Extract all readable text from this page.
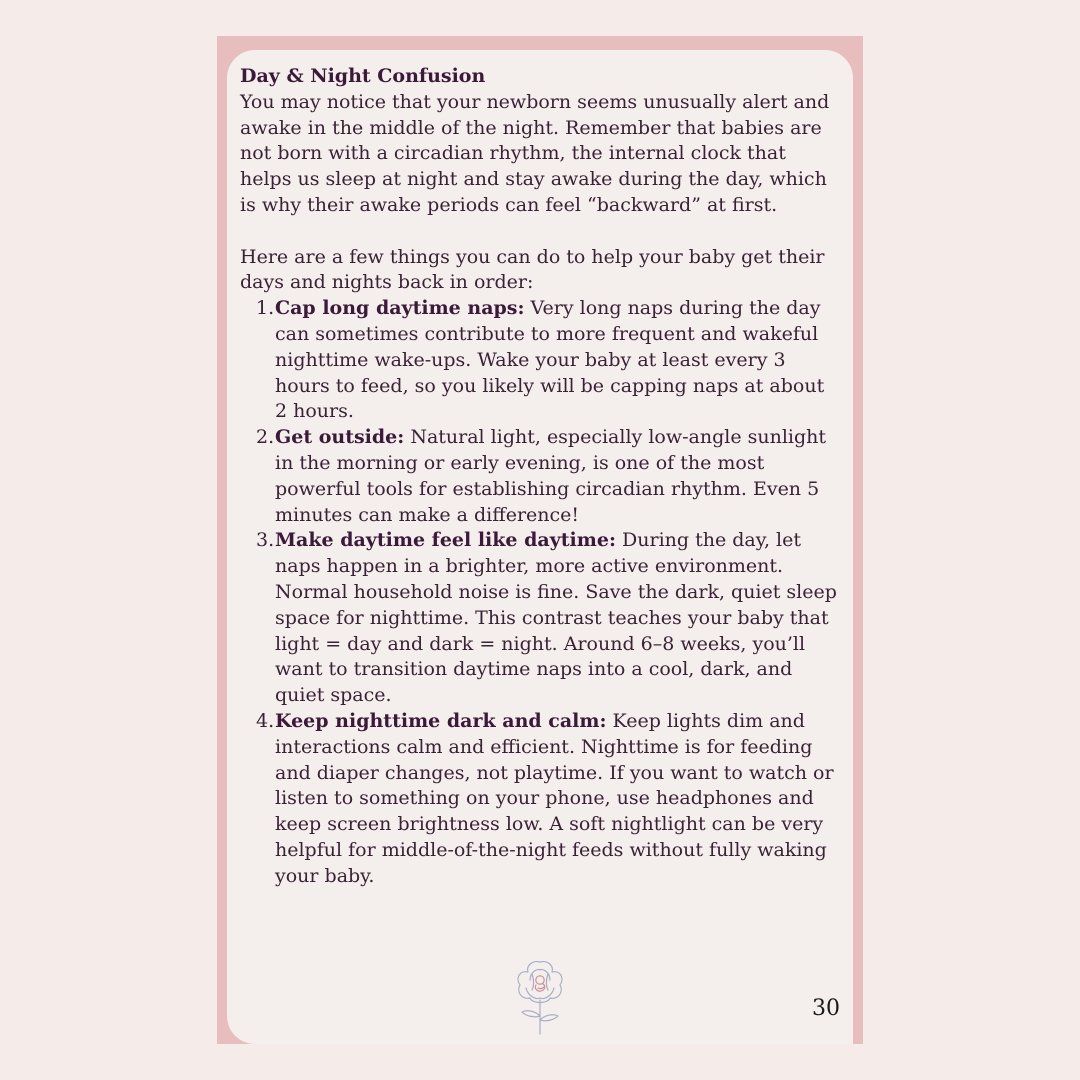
Day & Night Confusion

You may notice that your newborn seems unusually alert and awake in the middle of the night. Remember that babies are not born with a circadian rhythm, the internal clock that helps us sleep at night and stay awake during the day, which is why their awake periods can feel “backward” at first.

Here are a few things you can do to help your baby get their days and nights back in order:

1. Cap long daytime naps: Very long naps during the day can sometimes contribute to more frequent and wakeful nighttime wake-ups. Wake your baby at least every 3 hours to feed, so you likely will be capping naps at about 2 hours.
2. Get outside: Natural light, especially low-angle sunlight in the morning or early evening, is one of the most powerful tools for establishing circadian rhythm. Even 5 minutes can make a difference!
3. Make daytime feel like daytime: During the day, let naps happen in a brighter, more active environment. Normal household noise is fine. Save the dark, quiet sleep space for nighttime. This contrast teaches your baby that light = day and dark = night. Around 6–8 weeks, you’ll want to transition daytime naps into a cool, dark, and quiet space.
4. Keep nighttime dark and calm: Keep lights dim and interactions calm and efficient. Nighttime is for feeding and diaper changes, not playtime. If you want to watch or listen to something on your phone, use headphones and keep screen brightness low. A soft nightlight can be very helpful for middle-of-the-night feeds without fully waking your baby.
30
